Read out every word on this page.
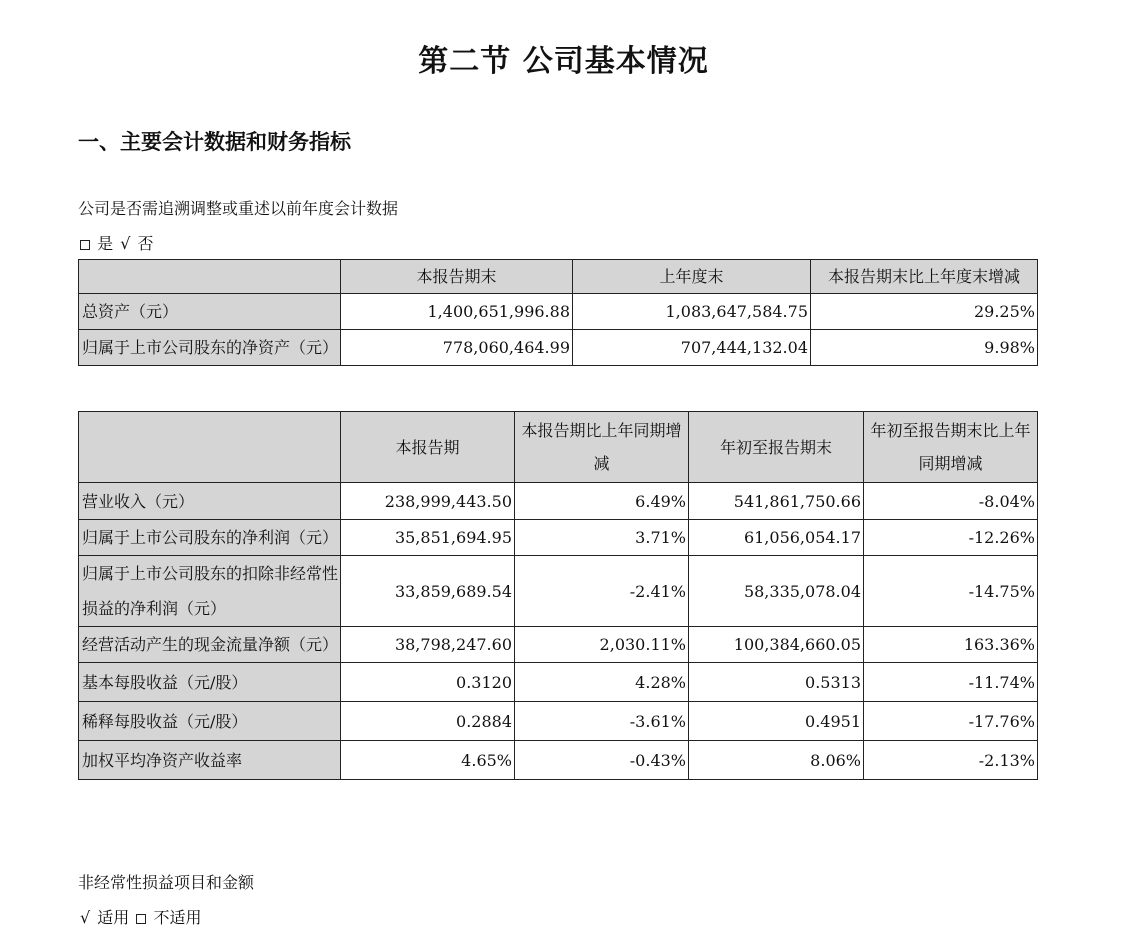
第二节 公司基本情况
一、主要会计数据和财务指标
公司是否需追溯调整或重述以前年度会计数据
是 √ 否
	本报告期末	上年度末	本报告期末比上年度末增减
总资产（元）	1,400,651,996.88	1,083,647,584.75	29.25%
归属于上市公司股东的净资产（元）	778,060,464.99	707,444,132.04	9.98%
	本报告期	本报告期比上年同期增减	年初至报告期末	年初至报告期末比上年同期增减
营业收入（元）	238,999,443.50	6.49%	541,861,750.66	-8.04%
归属于上市公司股东的净利润（元）	35,851,694.95	3.71%	61,056,054.17	-12.26%
归属于上市公司股东的扣除非经常性损益的净利润（元）	33,859,689.54	-2.41%	58,335,078.04	-14.75%
经营活动产生的现金流量净额（元）	38,798,247.60	2,030.11%	100,384,660.05	163.36%
基本每股收益（元/股）	0.3120	4.28%	0.5313	-11.74%
稀释每股收益（元/股）	0.2884	-3.61%	0.4951	-17.76%
加权平均净资产收益率	4.65%	-0.43%	8.06%	-2.13%
非经常性损益项目和金额
√ 适用 不适用
